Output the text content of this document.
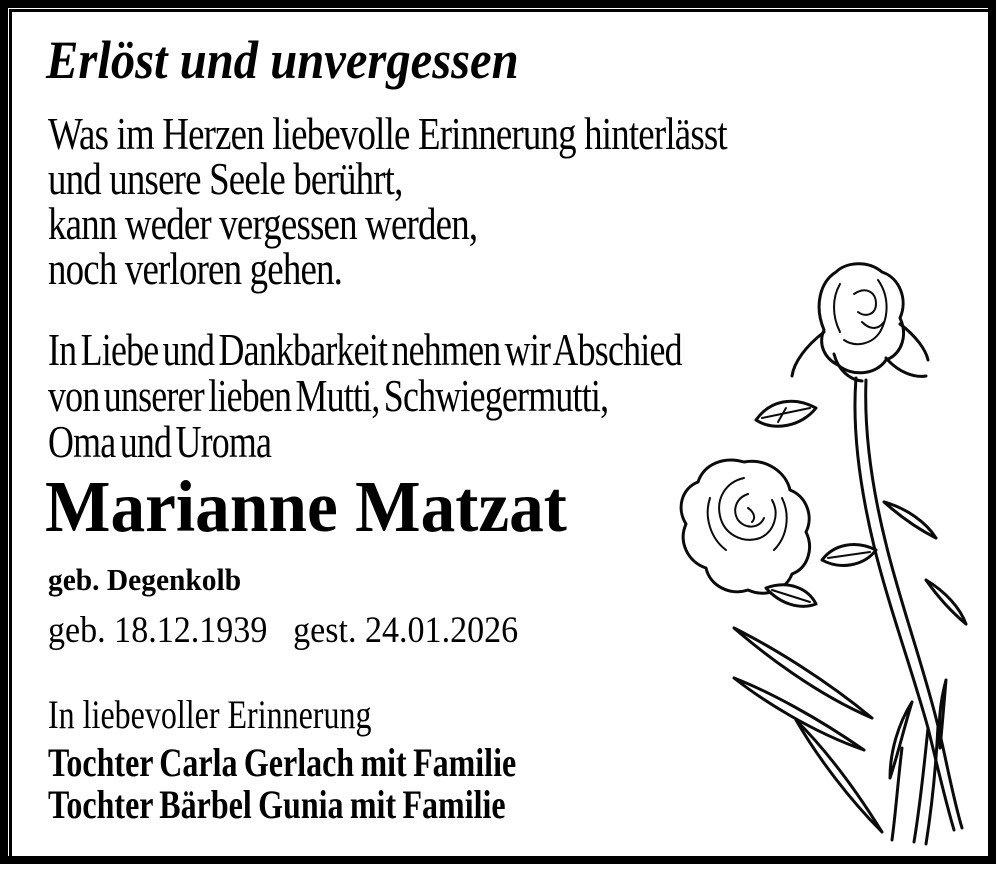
Erlöst und unvergessen
Was im Herzen liebevolle Erinnerung hinterlässt
und unsere Seele berührt,
kann weder vergessen werden,
noch verloren gehen.
In Liebe und Dankbarkeit nehmen wir Abschied
von unserer lieben Mutti, Schwiegermutti,
Oma und Uroma
Marianne Matzat
geb. Degenkolb
geb. 18.12.1939 gest. 24.01.2026
In liebevoller Erinnerung
Tochter Carla Gerlach mit Familie
Tochter Bärbel Gunia mit Familie
